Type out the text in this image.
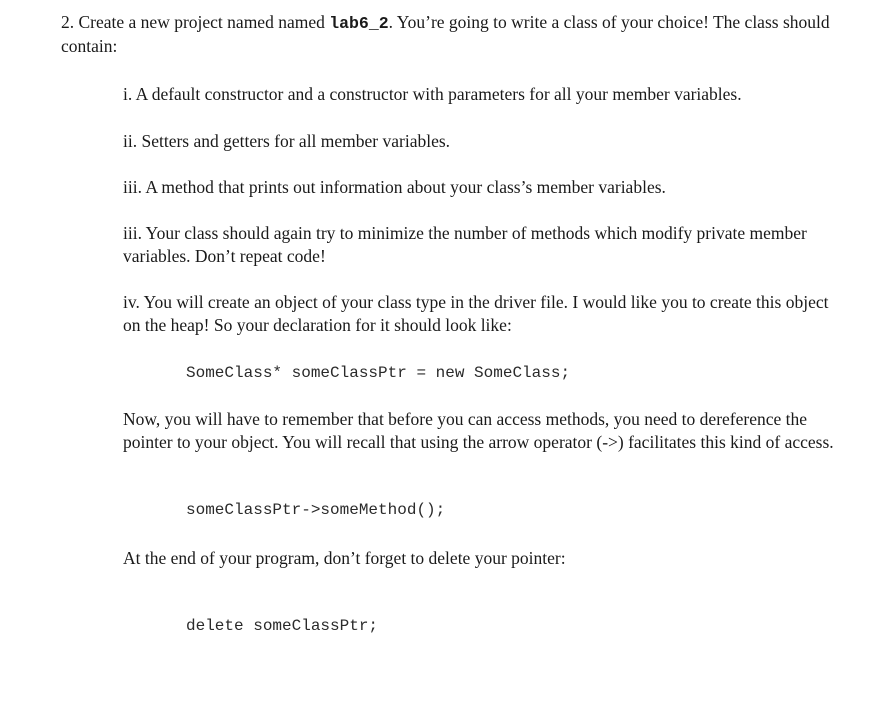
2. Create a new project named named lab6_2. You’re going to write a class of your choice! The class should contain:
i. A default constructor and a constructor with parameters for all your member variables.
ii. Setters and getters for all member variables.
iii. A method that prints out information about your class’s member variables.
iii. Your class should again try to minimize the number of methods which modify private member variables. Don’t repeat code!
iv. You will create an object of your class type in the driver file. I would like you to create this object on the heap! So your declaration for it should look like:
SomeClass* someClassPtr = new SomeClass;
Now, you will have to remember that before you can access methods, you need to dereference the pointer to your object. You will recall that using the arrow operator (->) facilitates this kind of access.
someClassPtr->someMethod();
At the end of your program, don’t forget to delete your pointer:
delete someClassPtr;
